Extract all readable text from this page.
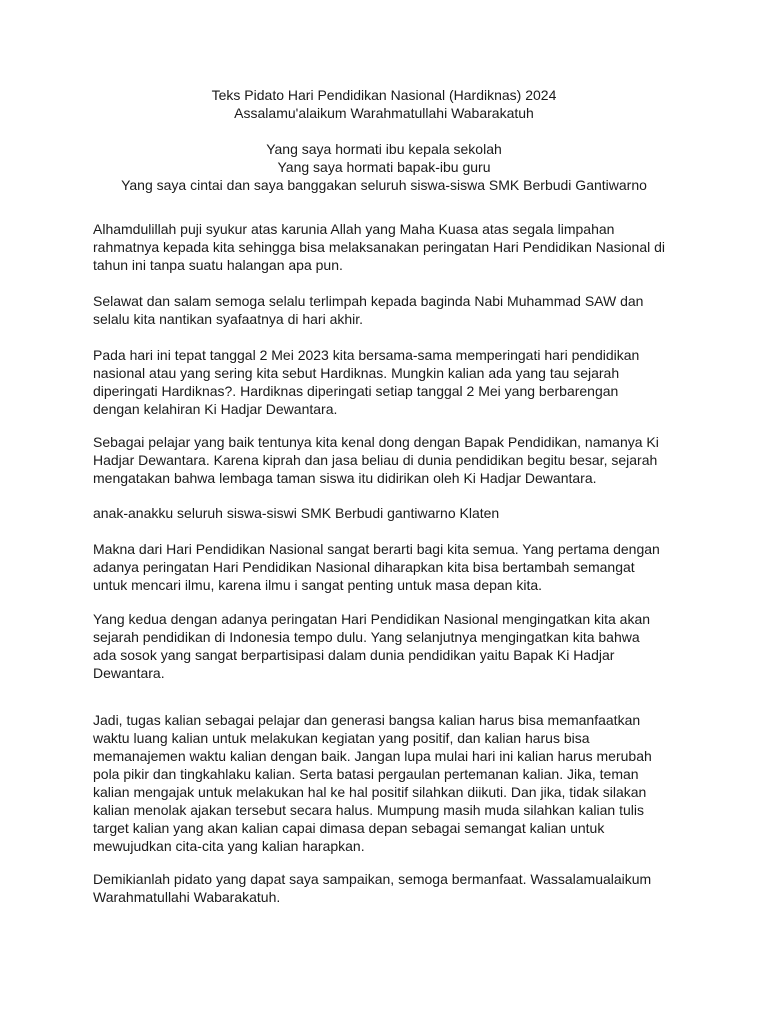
Teks Pidato Hari Pendidikan Nasional (Hardiknas) 2024
Assalamu'alaikum Warahmatullahi Wabarakatuh
Yang saya hormati ibu kepala sekolah
Yang saya hormati bapak-ibu guru
Yang saya cintai dan saya banggakan seluruh siswa-siswa SMK Berbudi Gantiwarno

Alhamdulillah puji syukur atas karunia Allah yang Maha Kuasa atas segala limpahan
rahmatnya kepada kita sehingga bisa melaksanakan peringatan Hari Pendidikan Nasional di
tahun ini tanpa suatu halangan apa pun.

Selawat dan salam semoga selalu terlimpah kepada baginda Nabi Muhammad SAW dan
selalu kita nantikan syafaatnya di hari akhir.

Pada hari ini tepat tanggal 2 Mei 2023 kita bersama-sama memperingati hari pendidikan
nasional atau yang sering kita sebut Hardiknas. Mungkin kalian ada yang tau sejarah
diperingati Hardiknas?. Hardiknas diperingati setiap tanggal 2 Mei yang berbarengan
dengan kelahiran Ki Hadjar Dewantara.

Sebagai pelajar yang baik tentunya kita kenal dong dengan Bapak Pendidikan, namanya Ki
Hadjar Dewantara. Karena kiprah dan jasa beliau di dunia pendidikan begitu besar, sejarah
mengatakan bahwa lembaga taman siswa itu didirikan oleh Ki Hadjar Dewantara.

anak-anakku seluruh siswa-siswi SMK Berbudi gantiwarno Klaten

Makna dari Hari Pendidikan Nasional sangat berarti bagi kita semua. Yang pertama dengan
adanya peringatan Hari Pendidikan Nasional diharapkan kita bisa bertambah semangat
untuk mencari ilmu, karena ilmu i sangat penting untuk masa depan kita.

Yang kedua dengan adanya peringatan Hari Pendidikan Nasional mengingatkan kita akan
sejarah pendidikan di Indonesia tempo dulu. Yang selanjutnya mengingatkan kita bahwa
ada sosok yang sangat berpartisipasi dalam dunia pendidikan yaitu Bapak Ki Hadjar
Dewantara.

Jadi, tugas kalian sebagai pelajar dan generasi bangsa kalian harus bisa memanfaatkan
waktu luang kalian untuk melakukan kegiatan yang positif, dan kalian harus bisa
memanajemen waktu kalian dengan baik. Jangan lupa mulai hari ini kalian harus merubah
pola pikir dan tingkahlaku kalian. Serta batasi pergaulan pertemanan kalian. Jika, teman
kalian mengajak untuk melakukan hal ke hal positif silahkan diikuti. Dan jika, tidak silakan
kalian menolak ajakan tersebut secara halus. Mumpung masih muda silahkan kalian tulis
target kalian yang akan kalian capai dimasa depan sebagai semangat kalian untuk
mewujudkan cita-cita yang kalian harapkan.

Demikianlah pidato yang dapat saya sampaikan, semoga bermanfaat. Wassalamualaikum
Warahmatullahi Wabarakatuh.
